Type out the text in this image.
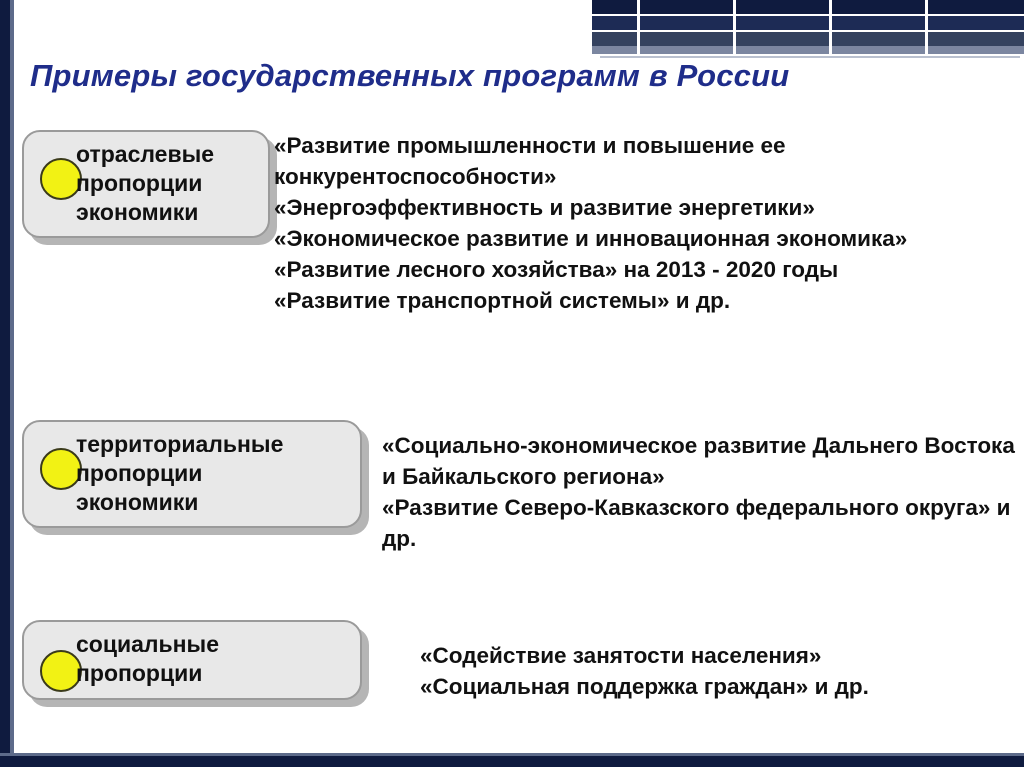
Примеры государственных программ в России
отраслевые
пропорции
экономики
«Развитие промышленности и повышение ее конкурентоспособности»
«Энергоэффективность и развитие энергетики»
«Экономическое развитие и инновационная экономика»
«Развитие лесного хозяйства» на 2013 - 2020 годы
«Развитие транспортной системы» и др.
территориальные
пропорции
экономики
«Социально-экономическое развитие Дальнего Востока и Байкальского региона»
«Развитие Северо-Кавказского федерального округа» и др.
социальные
пропорции
«Содействие занятости населения»
«Социальная поддержка граждан» и др.
